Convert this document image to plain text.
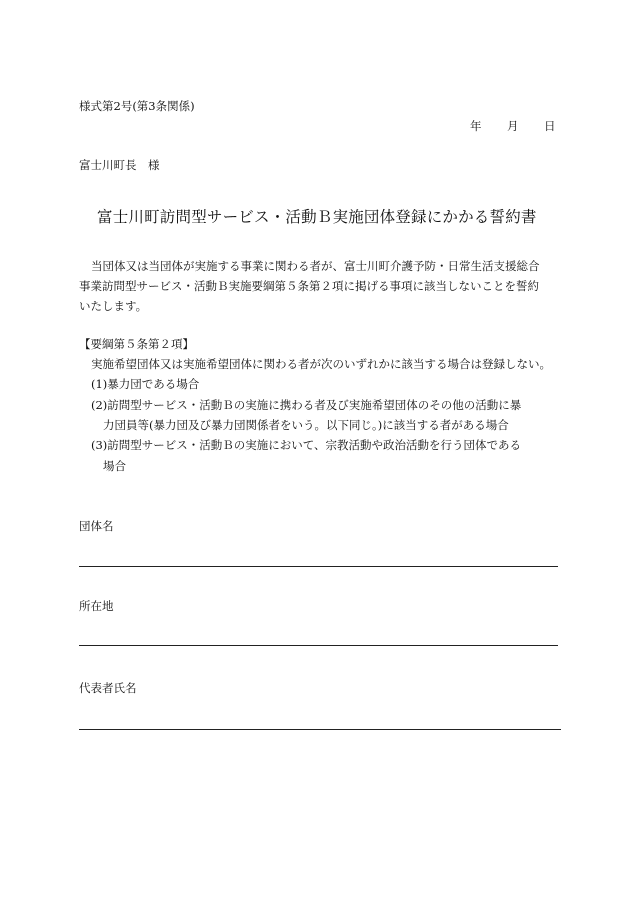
様式第2号(第3条関係)
年 月 日
富士川町長　様
富士川町訪問型サービス・活動Ｂ実施団体登録にかかる誓約書
当団体又は当団体が実施する事業に関わる者が、富士川町介護予防・日常生活支援総合
事業訪問型サービス・活動Ｂ実施要綱第５条第２項に掲げる事項に該当しないことを誓約
いたします。
【要綱第５条第２項】
実施希望団体又は実施希望団体に関わる者が次のいずれかに該当する場合は登録しない。
(1)暴力団である場合
(2)訪問型サービス・活動Ｂの実施に携わる者及び実施希望団体のその他の活動に暴
力団員等(暴力団及び暴力団関係者をいう。以下同じ。)に該当する者がある場合
(3)訪問型サービス・活動Ｂの実施において、宗教活動や政治活動を行う団体である
場合
団体名
所在地
代表者氏名
